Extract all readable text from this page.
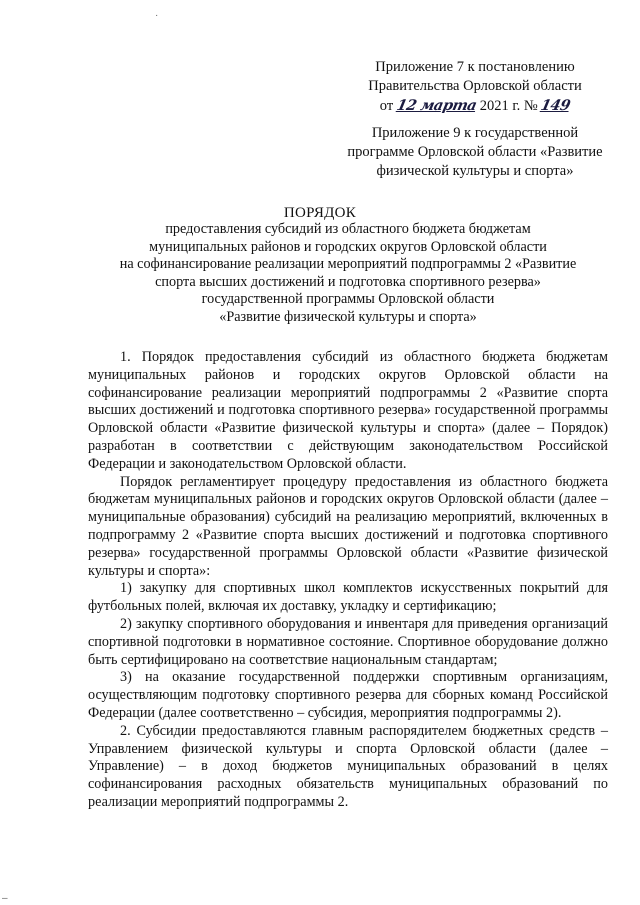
Приложение 7 к постановлению
Правительства Орловской области
от 12 марта 2021 г. № 149
Приложение 9 к государственной
программе Орловской области «Развитие
физической культуры и спорта»
ПОРЯДОК
предоставления субсидий из областного бюджета бюджетам
муниципальных районов и городских округов Орловской области
на софинансирование реализации мероприятий подпрограммы 2 «Развитие
спорта высших достижений и подготовка спортивного резерва»
государственной программы Орловской области
«Развитие физической культуры и спорта»

1. Порядок предоставления субсидий из областного бюджета бюджетам муниципальных районов и городских округов Орловской области на софинансирование реализации мероприятий подпрограммы 2 «Развитие спорта высших достижений и подготовка спортивного резерва» государственной программы Орловской области «Развитие физической культуры и спорта» (далее – Порядок) разработан в соответствии с действующим законодательством Российской Федерации и законодательством Орловской области.

Порядок регламентирует процедуру предоставления из областного бюджета бюджетам муниципальных районов и городских округов Орловской области (далее – муниципальные образования) субсидий на реализацию мероприятий, включенных в подпрограмму 2 «Развитие спорта высших достижений и подготовка спортивного резерва» государственной программы Орловской области «Развитие физической культуры и спорта»:

1) закупку для спортивных школ комплектов искусственных покрытий для футбольных полей, включая их доставку, укладку и сертификацию;

2) закупку спортивного оборудования и инвентаря для приведения организаций спортивной подготовки в нормативное состояние. Спортивное оборудование должно быть сертифицировано на соответствие национальным стандартам;

3) на оказание государственной поддержки спортивным организациям, осуществляющим подготовку спортивного резерва для сборных команд Российской Федерации (далее соответственно – субсидия, мероприятия подпрограммы 2).

2. Субсидии предоставляются главным распорядителем бюджетных средств – Управлением физической культуры и спорта Орловской области (далее – Управление) – в доход бюджетов муниципальных образований в целях софинансирования расходных обязательств муниципальных образований по реализации мероприятий подпрограммы 2.

·
–
